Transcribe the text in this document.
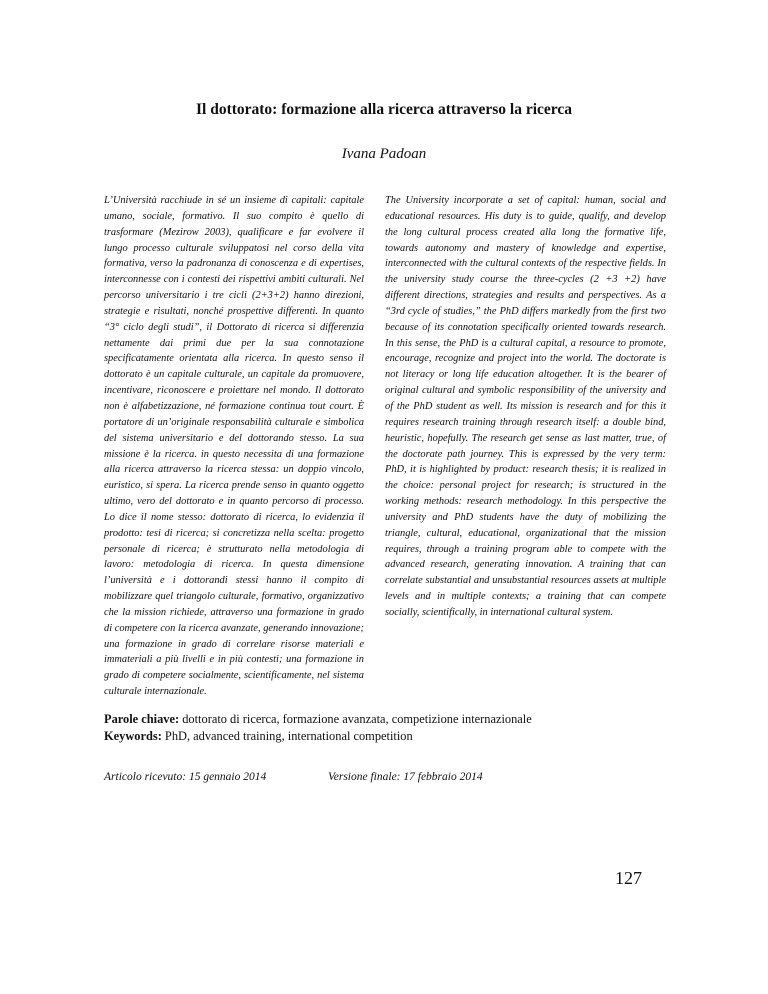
Il dottorato: formazione alla ricerca attraverso la ricerca
Ivana Padoan

L’Università racchiude in sé un insieme di capitali: capitale umano, sociale, formativo. Il suo compito è quello di trasformare (Mezirow 2003), qualificare e far evolvere il lungo processo culturale sviluppatosi nel corso della vita formativa, verso la padronanza di conoscenza e di expertises, interconnesse con i contesti dei rispettivi ambiti culturali. Nel percorso universitario i tre cicli (2+3+2) hanno direzioni, strategie e risultati, nonché prospettive differenti. In quanto “3° ciclo degli studi”, il Dottorato di ricerca si differenzia nettamente dai primi due per la sua connotazione specificatamente orientata alla ricerca. In questo senso il dottorato è un capitale culturale, un capitale da promuovere, incentivare, riconoscere e proiettare nel mondo. Il dottorato non è alfabetizzazione, né formazione continua tout court. È portatore di un’originale responsabilità culturale e simbolica del sistema universitario e del dottorando stesso. La sua missione è la ricerca. in questo necessita di una formazione alla ricerca attraverso la ricerca stessa: un doppio vincolo, euristico, si spera. La ricerca prende senso in quanto oggetto ultimo, vero del dottorato e in quanto percorso di processo. Lo dice il nome stesso: dottorato di ricerca, lo evidenzia il prodotto: tesi di ricerca; si concretizza nella scelta: progetto personale di ricerca; è strutturato nella metodologia di lavoro: metodologia di ricerca. In questa dimensione l’università e i dottorandi stessi hanno il compito di mobilizzare quel triangolo culturale, formativo, organizzativo che la mission richiede, attraverso una formazione in grado di competere con la ricerca avanzate, generando innovazione; una formazione in grado di correlare risorse materiali e immateriali a più livelli e in più contesti; una formazione in grado di competere socialmente, scientificamente, nel sistema culturale internazionale.

The University incorporate a set of capital: human, social and educational resources. His duty is to guide, qualify, and develop the long cultural process created alla long the formative life, towards autonomy and mastery of knowledge and expertise, interconnected with the cultural contexts of the respective fields. In the university study course the three-cycles (2 +3 +2) have different directions, strategies and results and perspectives. As a “3rd cycle of studies,” the PhD differs markedly from the first two because of its connotation specifically oriented towards research. In this sense, the PhD is a cultural capital, a resource to promote, encourage, recognize and project into the world. The doctorate is not literacy or long life education altogether. It is the bearer of original cultural and symbolic responsibility of the university and of the PhD student as well. Its mission is research and for this it requires research training through research itself: a double bind, heuristic, hopefully. The research get sense as last matter, true, of the doctorate path journey. This is expressed by the very term: PhD, it is highlighted by product: research thesis; it is realized in the choice: personal project for research; is structured in the working methods: research methodology. In this perspective the university and PhD students have the duty of mobilizing the triangle, cultural, educational, organizational that the mission requires, through a training program able to compete with the advanced research, generating innovation. A training that can correlate substantial and unsubstantial resources assets at multiple levels and in multiple contexts; a training that can compete socially, scientifically, in international cultural system.

Parole chiave: dottorato di ricerca, formazione avanzata, competizione internazionale

Keywords: PhD, advanced training, international competition

Articolo ricevuto: 15 gennaio 2014	Versione finale: 17 febbraio 2014
127
